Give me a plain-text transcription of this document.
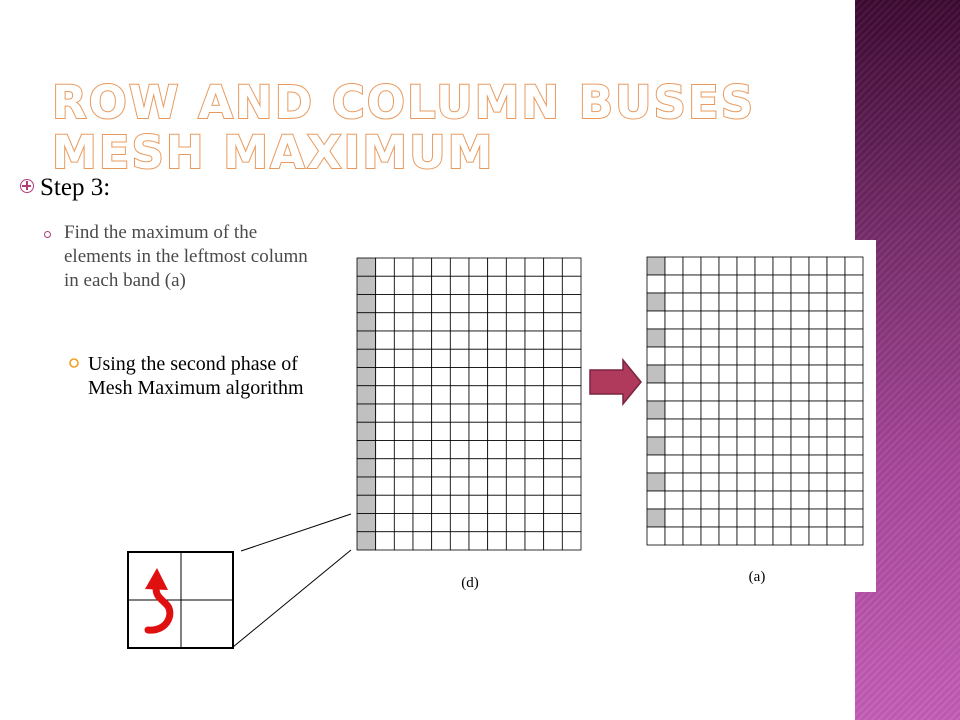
ROW AND COLUMN BUSES MESH MAXIMUM
Step 3:
Find the maximum of the elements in the leftmost column in each band (a)
Using the second phase of Mesh Maximum algorithm
(d)	(a)
